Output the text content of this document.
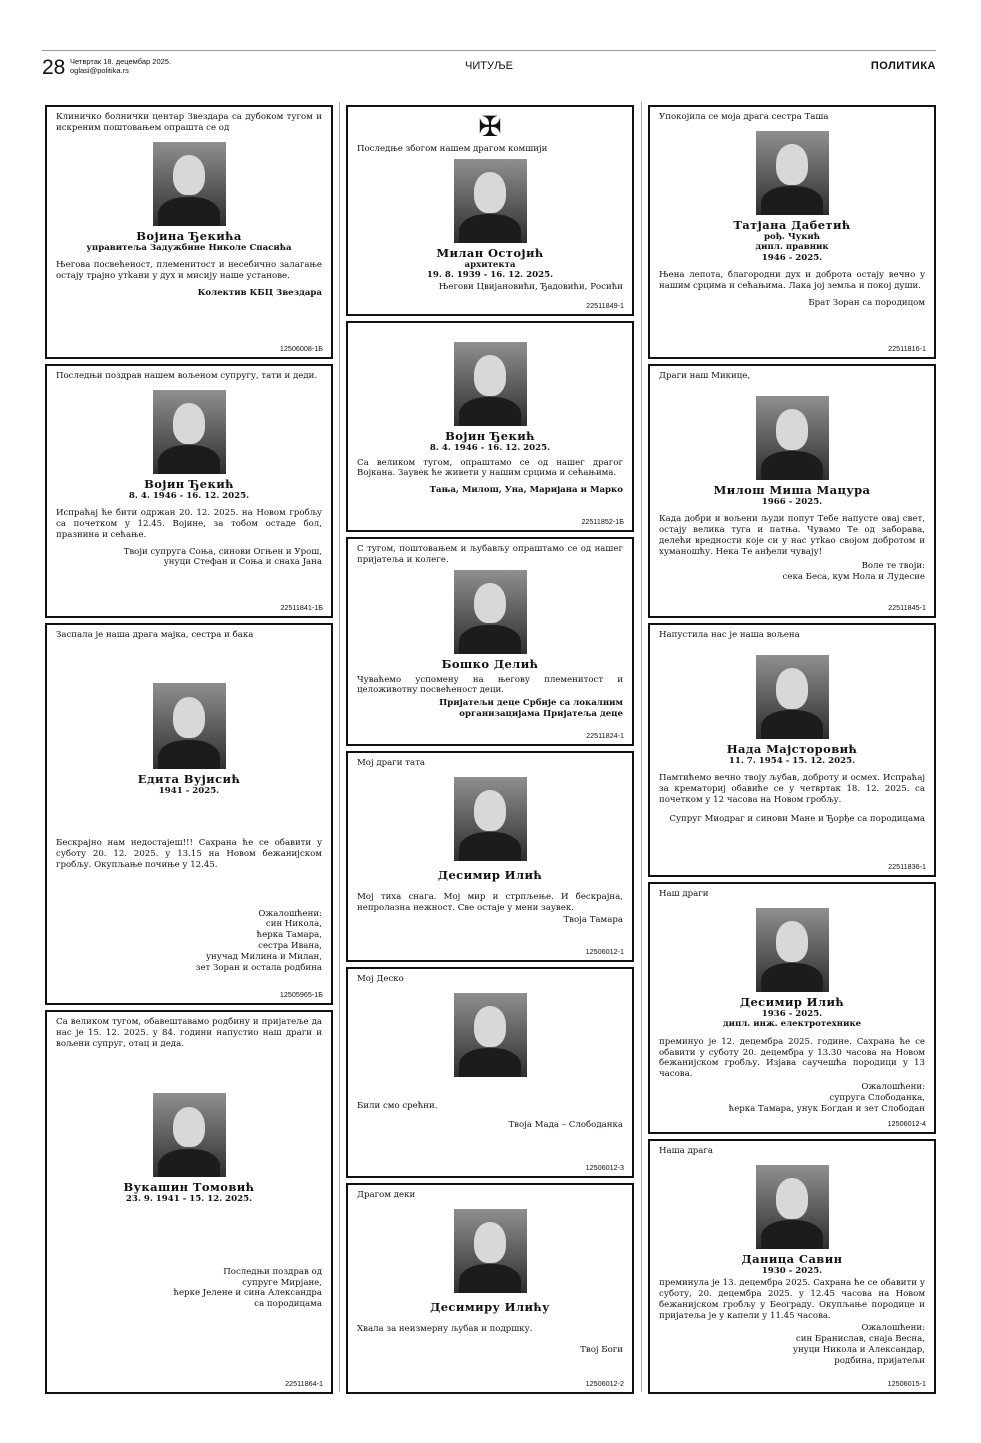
28 Четвртак 18. децембар 2025.
oglasi@politika.rs	ЧИТУЉЕ	ПОЛИТИКА
Клиничко болнички центар Звездара са дубоком тугом и искреним поштовањем опрашта се од
Војина Ђекића
управитеља Задужбине Николе Спасића
Његова посвећеност, племенитост и несебично залагање остају трајно утkани у дух и мисију наше установе.
Колектив КБЦ Звездара
12506008-1Б
Последњи поздрав нашем вољеном супругу, тати и деди.
Војин Ђекић
8. 4. 1946 - 16. 12. 2025.
Испраћај ће бити одржан 20. 12. 2025. на Новом гробљу са почетком у 12.45. Војине, за тобом остаде бол, празнина и сећање.
Твоји супруга Соња, синови Огњен и Урош,
унуци Стефан и Соња и снаха Јана
22511841-1Б
Заспала је наша драга мајка, сестра и бака
Едита Вујисић
1941 - 2025.
Бескрајно нам недостајеш!!! Сахрана ће се обавити у суботу 20. 12. 2025. у 13.15 на Новом бежанијском гробљу. Окупљање почиње у 12.45.
Ожалошћени:
син Никола,
ћерка Тамара,
сестра Ивана,
унучад Милина и Милан,
зет Зоран и остала родбина
12505965-1Б
Са великом тугом, обавештавамо родбину и пријатеље да нас је 15. 12. 2025. у 84. години напустио наш драги и вољени супруг, отац и деда.
Вукашин Томовић
23. 9. 1941 - 15. 12. 2025.
Последњи поздрав од
супруге Мирјане,
ћерке Јелене и сина Александра
са породицама
22511864-1
✠
Последње збогом нашем драгом комшији
Милан Остојић
архитекта
19. 8. 1939 - 16. 12. 2025.
Његови Цвијановићи, Ђадовићи, Росићи
22511849-1
Војин Ђекић
8. 4. 1946 - 16. 12. 2025.
Са великом тугом, опраштамо се од нашег драгог Војкана. Заувек ће живети у нашим срцима и сећањима.
Тања, Милош, Уна, Маријана и Марко
22511852-1Б
С тугом, поштовањем и љубављу опраштамо се од нашег пријатеља и колеге.
Бошко Делић
Чуваћемо успомену на његову племенитост и целоживотну посвећеност деци.
Пријатељи деце Србије са локалним
организацијама Пријатеља деце
22511824-1
Мој драги тата
Десимир Илић
Мој тиха снага. Мој мир и стрпљење. И бескрајна, непролазна нежност. Све остаје у мени заувек.
Твоја Тамара
12506012-1
Мој Деско
Били смо срећни.
Твоја Мада – Слободанка
12506012-3
Драгом деки
Десимиру Илићу
Хвала за неизмерну љубав и подршку.
Твој Боги
12506012-2
Упокојила се моја драга сестра Таша
Татјана Дабетић
рођ. Чукић
дипл. правник
1946 - 2025.
Њена лепота, благородни дух и доброта остају вечно у нашим срцима и сећањима. Лака јој земља и покој души.
Брат Зоран са породицом
22511816-1
Драги наш Микице,
Милош Миша Мацура
1966 - 2025.
Када добри и вољени људи попут Тебе напусте овај свет, остају велика туга и патња. Чувамо Те од заборава, делећи вредности које си у нас утkао својом добротом и хуманошћу. Нека Те анђели чувају!
Воле те твоји:
сека Беса, кум Нола и Лудесие
22511845-1
Напустила нас је наша вољена
Нада Мајсторовић
11. 7. 1954 - 15. 12. 2025.
Памтићемо вечно твоју љубав, доброту и осмех. Испраћај за крематориј обавиће се у четвртак 18. 12. 2025. са почетком у 12 часова на Новом гробљу.
Супруг Миодраг и синови Мане и Ђорђе са породицама
22511836-1
Наш драги
Десимир Илић
1936 - 2025.
дипл. инж. електротехнике
преминуо је 12. децембра 2025. године. Сахрана ће се обавити у суботу 20. децембра у 13.30 часова на Новом бежанијском гробљу. Изјава саучешћа породици у 13 часова.
Ожалошћени:
супруга Слободанка,
ћерка Тамара, унук Богдан и зет Слободан
12506012-4
Наша драга
Даница Савин
1930 - 2025.
преминула је 13. децембра 2025. Сахрана ће се обавити у суботу, 20. децембра 2025. у 12.45 часова на Новом бежанијском гробљу у Београду. Окупљање породице и пријатеља је у капели у 11.45 часова.
Ожалошћени:
син Бранислав, снаја Весна,
унуци Никола и Александар,
родбина, пријатељи
12506015-1
